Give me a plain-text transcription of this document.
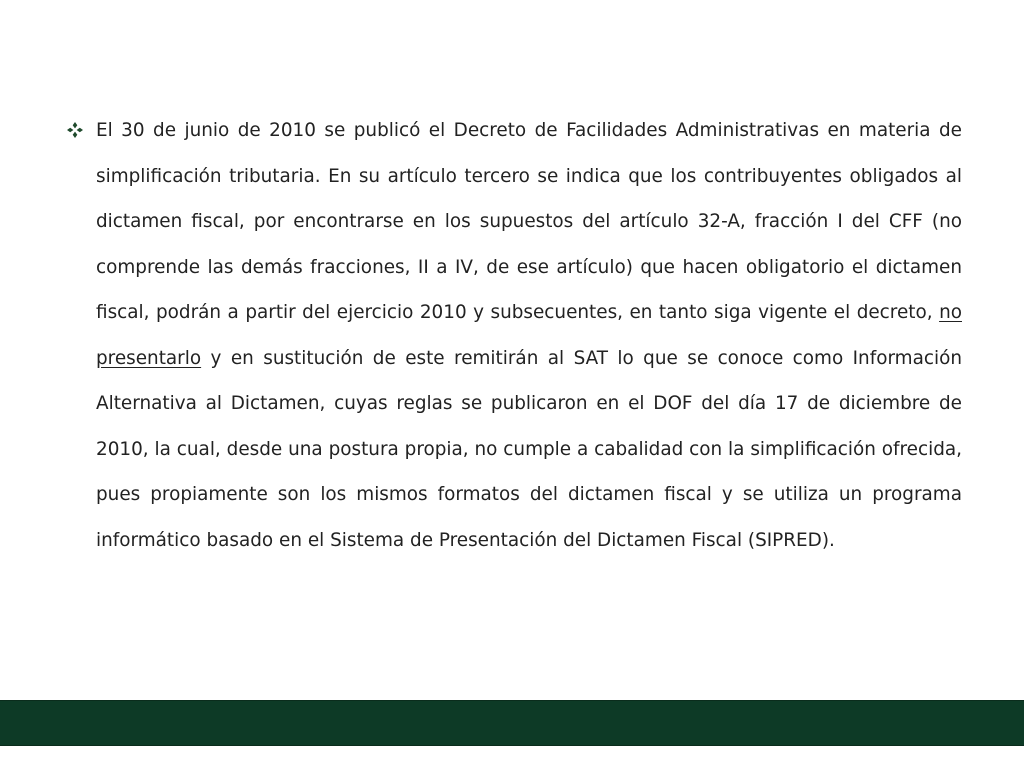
El 30 de junio de 2010 se publicó el Decreto de Facilidades Administrativas en materia de simplificación tributaria. En su artículo tercero se indica que los contribuyentes obligados al dictamen fiscal, por encontrarse en los supuestos del artículo 32-A, fracción I del CFF (no comprende las demás fracciones, II a IV, de ese artículo) que hacen obligatorio el dictamen fiscal, podrán a partir del ejercicio 2010 y subsecuentes, en tanto siga vigente el decreto, no presentarlo y en sustitución de este remitirán al SAT lo que se conoce como Información Alternativa al Dictamen, cuyas reglas se publicaron en el DOF del día 17 de diciembre de 2010, la cual, desde una postura propia, no cumple a cabalidad con la simplificación ofrecida, pues propiamente son los mismos formatos del dictamen fiscal y se utiliza un programa informático basado en el Sistema de Presentación del Dictamen Fiscal (SIPRED).
